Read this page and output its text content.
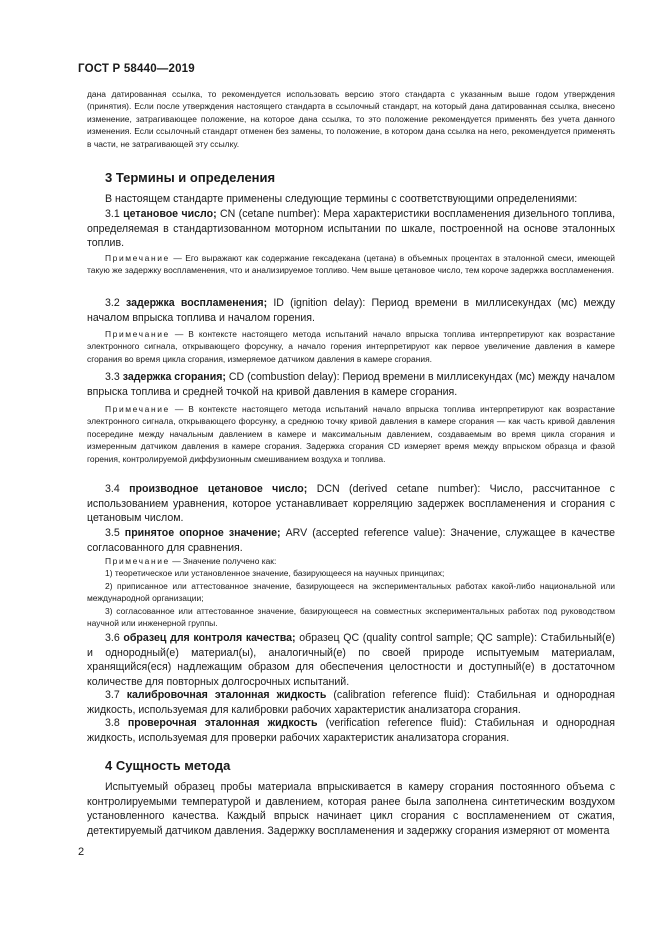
ГОСТ Р 58440—2019

дана датированная ссылка, то рекомендуется использовать версию этого стандарта с указанным выше годом утверждения (принятия). Если после утверждения настоящего стандарта в ссылочный стандарт, на который дана датированная ссылка, внесено изменение, затрагивающее положение, на которое дана ссылка, то это положение рекомендуется применять без учета данного изменения. Если ссылочный стандарт отменен без замены, то положение, в котором дана ссылка на него, рекомендуется применять в части, не затрагивающей эту ссылку.

3 Термины и определения

В настоящем стандарте применены следующие термины с соответствующими определениями:

3.1 цетановое число; CN (cetane number): Мера характеристики воспламенения дизельного топлива, определяемая в стандартизованном моторном испытании по шкале, построенной на основе эталонных топлив.

Примечание — Его выражают как содержание гексадекана (цетана) в объемных процентах в эталонной смеси, имеющей такую же задержку воспламенения, что и анализируемое топливо. Чем выше цетановое число, тем короче задержка воспламенения.

3.2 задержка воспламенения; ID (ignition delay): Период времени в миллисекундах (мс) между началом впрыска топлива и началом горения.

Примечание — В контексте настоящего метода испытаний начало впрыска топлива интерпретируют как возрастание электронного сигнала, открывающего форсунку, а начало горения интерпретируют как первое увеличение давления в камере сгорания во время цикла сгорания, измеряемое датчиком давления в камере сгорания.

3.3 задержка сгорания; CD (combustion delay): Период времени в миллисекундах (мс) между началом впрыска топлива и средней точкой на кривой давления в камере сгорания.

Примечание — В контексте настоящего метода испытаний начало впрыска топлива интерпретируют как возрастание электронного сигнала, открывающего форсунку, а среднюю точку кривой давления в камере сгорания — как часть кривой давления посередине между начальным давлением в камере и максимальным давлением, создаваемым во время цикла сгорания и измеренным датчиком давления в камере сгорания. Задержка сгорания CD измеряет время между впрыском образца и фазой горения, контролируемой диффузионным смешиванием воздуха и топлива.

3.4 производное цетановое число; DCN (derived cetane number): Число, рассчитанное с использованием уравнения, которое устанавливает корреляцию задержек воспламенения и сгорания с цетановым числом.

3.5 принятое опорное значение; ARV (accepted reference value): Значение, служащее в качестве согласованного для сравнения.

Примечание — Значение получено как:
1) теоретическое или установленное значение, базирующееся на научных принципах;
2) приписанное или аттестованное значение, базирующееся на экспериментальных работах какой-либо национальной или международной организации;
3) согласованное или аттестованное значение, базирующееся на совместных экспериментальных работах под руководством научной или инженерной группы.

3.6 образец для контроля качества; образец QC (quality control sample; QC sample): Стабильный(е) и однородный(е) материал(ы), аналогичный(е) по своей природе испытуемым материалам, хранящийся(еся) надлежащим образом для обеспечения целостности и доступный(е) в достаточном количестве для повторных долгосрочных испытаний.

3.7 калибровочная эталонная жидкость (calibration reference fluid): Стабильная и однородная жидкость, используемая для калибровки рабочих характеристик анализатора сгорания.

3.8 проверочная эталонная жидкость (verification reference fluid): Стабильная и однородная жидкость, используемая для проверки рабочих характеристик анализатора сгорания.

4 Сущность метода

Испытуемый образец пробы материала впрыскивается в камеру сгорания постоянного объема с контролируемыми температурой и давлением, которая ранее была заполнена синтетическим воздухом установленного качества. Каждый впрыск начинает цикл сгорания с воспламенением от сжатия, детектируемый датчиком давления. Задержку воспламенения и задержку сгорания измеряют от момента

2
